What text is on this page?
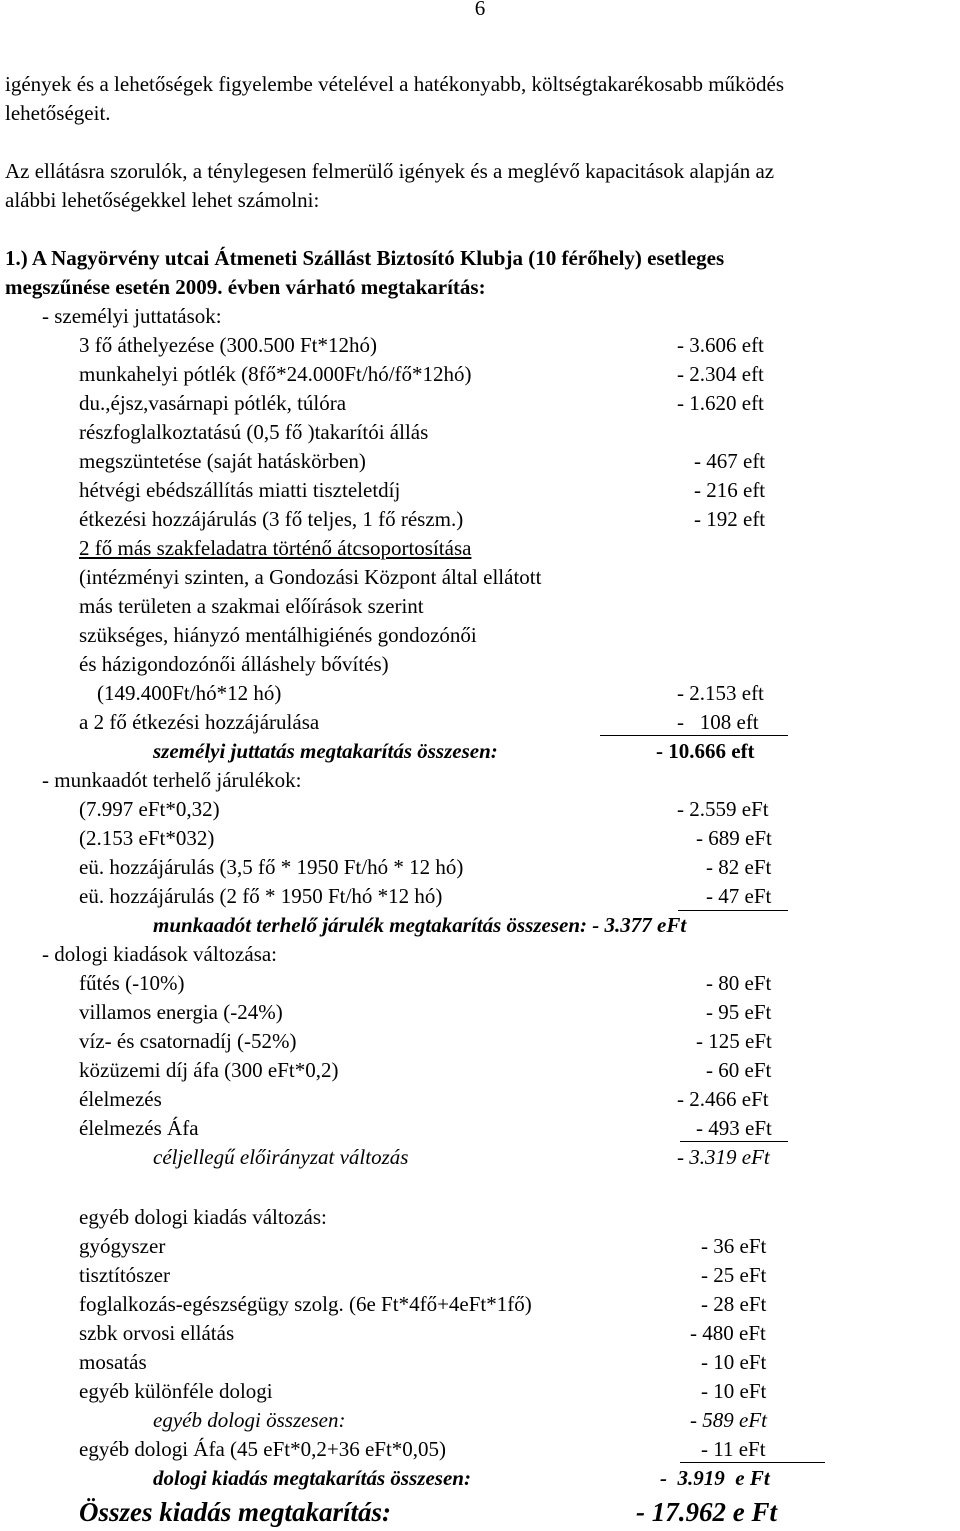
6
igények és a lehetőségek figyelembe vételével a hatékonyabb, költségtakarékosabb működés
lehetőségeit.
Az ellátásra szorulók, a ténylegesen felmerülő igények és a meglévő kapacitások alapján az
alábbi lehetőségekkel lehet számolni:
1.) A Nagyörvény utcai Átmeneti Szállást Biztosító Klubja (10 férőhely) esetleges
megszűnése esetén 2009. évben várható megtakarítás:
- személyi juttatások:
3 fő áthelyezése (300.500 Ft*12hó)	- 3.606 eft
munkahelyi pótlék (8fő*24.000Ft/hó/fő*12hó)	- 2.304 eft
du.,éjsz,vasárnapi pótlék, túlóra	- 1.620 eft
részfoglalkoztatású (0,5 fő )takarítói állás
megszüntetése (saját hatáskörben)	- 467 eft
hétvégi ebédszállítás miatti tiszteletdíj	- 216 eft
étkezési hozzájárulás (3 fő teljes, 1 fő részm.)	- 192 eft
2 fő más szakfeladatra történő átcsoportosítása
(intézményi szinten, a Gondozási Központ által ellátott
más területen a szakmai előírások szerint
szükséges, hiányzó mentálhigiénés gondozónői
és házigondozónői álláshely bővítés)
(149.400Ft/hó*12 hó)	- 2.153 eft
a 2 fő étkezési hozzájárulása	-   108 eft
személyi juttatás megtakarítás összesen:	- 10.666 eft
- munkaadót terhelő járulékok:
(7.997 eFt*0,32)	- 2.559 eFt
(2.153 eFt*032)	- 689 eFt
eü. hozzájárulás (3,5 fő * 1950 Ft/hó * 12 hó)	- 82 eFt
eü. hozzájárulás (2 fő * 1950 Ft/hó *12 hó)	- 47 eFt
munkaadót terhelő járulék megtakarítás összesen: - 3.377 eFt
- dologi kiadások változása:
fűtés (-10%)	- 80 eFt
villamos energia (-24%)	- 95 eFt
víz- és csatornadíj (-52%)	- 125 eFt
közüzemi díj áfa (300 eFt*0,2)	- 60 eFt
élelmezés	- 2.466 eFt
élelmezés Áfa	- 493 eFt
céljellegű előirányzat változás	- 3.319 eFt
egyéb dologi kiadás változás:
gyógyszer	- 36 eFt
tisztítószer	- 25 eFt
foglalkozás-egészségügy szolg. (6e Ft*4fő+4eFt*1fő)	- 28 eFt
szbk orvosi ellátás	- 480 eFt
mosatás	- 10 eFt
egyéb különféle dologi	- 10 eFt
egyéb dologi összesen:	- 589 eFt
egyéb dologi Áfa (45 eFt*0,2+36 eFt*0,05)	- 11 eFt
dologi kiadás megtakarítás összesen:	-  3.919  e Ft
Összes kiadás megtakarítás:	- 17.962 e Ft
